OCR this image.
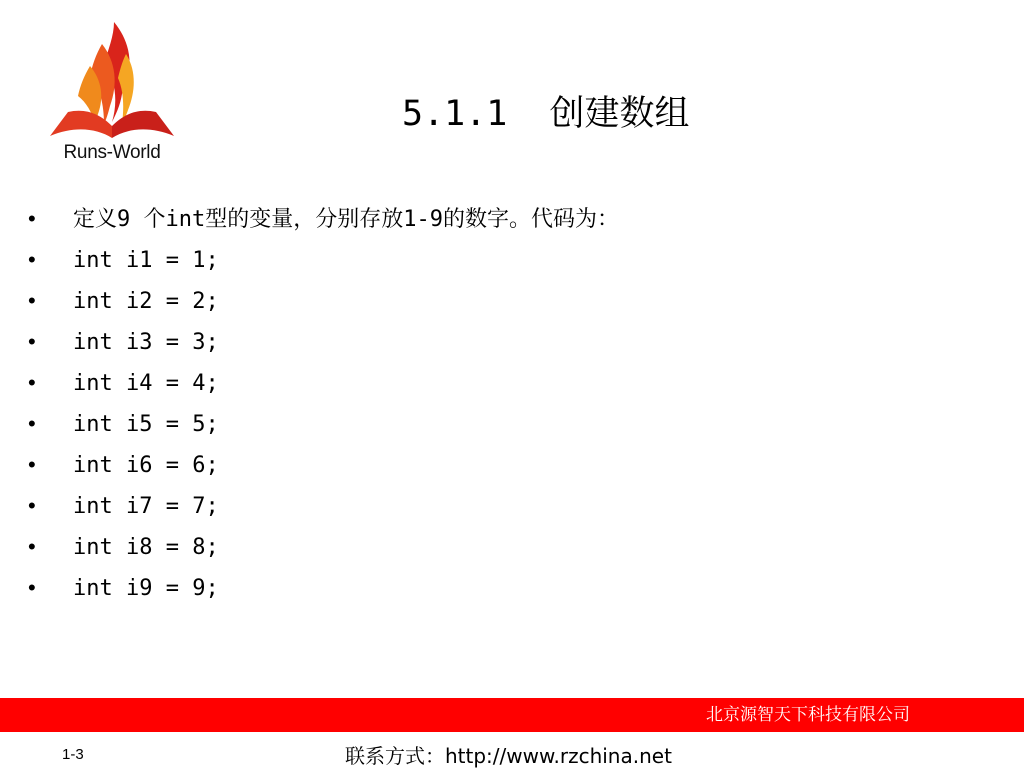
Runs-World
5.1.1  创建数组
• 定义9 个int型的变量，分别存放1-9的数字。代码为：
• int i1 = 1;
• int i2 = 2;
• int i3 = 3;
• int i4 = 4;
• int i5 = 5;
• int i6 = 6;
• int i7 = 7;
• int i8 = 8;
• int i9 = 9;
北京源智天下科技有限公司
1-3	联系方式：http://www.rzchina.net
